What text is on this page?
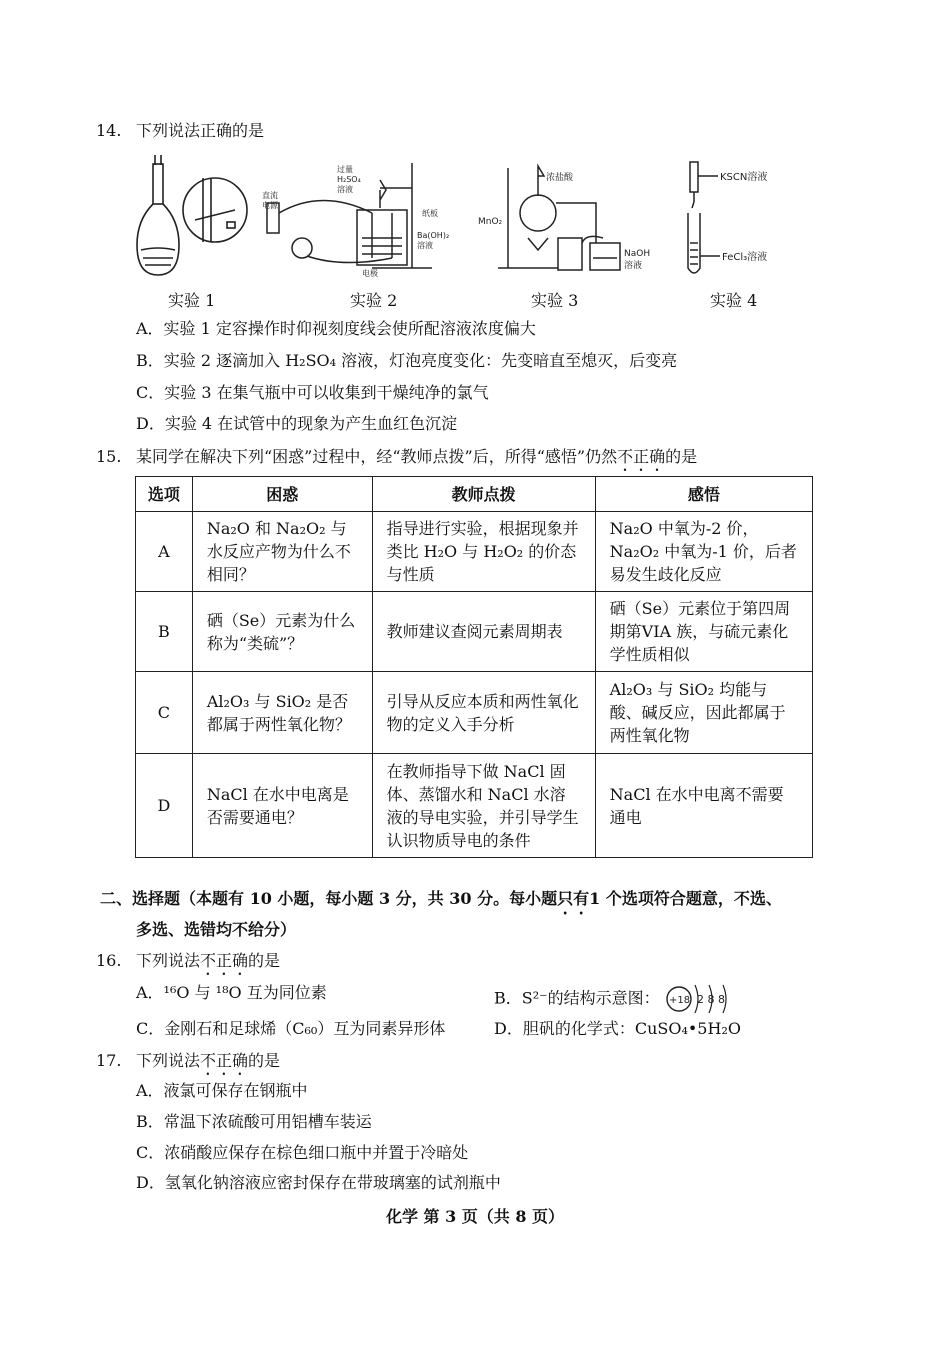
14. 下列说法正确的是
过量
H₂SO₄
溶液
直流
电源
纸板
Ba(OH)₂
溶液
电极
浓盐酸
MnO₂
NaOH
溶液
KSCN溶液
FeCl₃溶液
实验 1	实验 2	实验 3	实验 4
A．实验 1 定容操作时仰视刻度线会使所配溶液浓度偏大
B．实验 2 逐滴加入 H₂SO₄ 溶液，灯泡亮度变化：先变暗直至熄灭，后变亮
C．实验 3 在集气瓶中可以收集到干燥纯净的氯气
D．实验 4 在试管中的现象为产生血红色沉淀
15. 某同学在解决下列“困惑”过程中，经“教师点拨”后，所得“感悟”仍然不正确的是
选项	困惑	教师点拨	感悟
A	Na₂O 和 Na₂O₂ 与水反应产物为什么不相同？	指导进行实验，根据现象并类比 H₂O 与 H₂O₂ 的价态与性质	Na₂O 中氧为-2 价，Na₂O₂ 中氧为-1 价，后者易发生歧化反应
B	硒（Se）元素为什么称为“类硫”？	教师建议查阅元素周期表	硒（Se）元素位于第四周期第VIA 族，与硫元素化学性质相似
C	Al₂O₃ 与 SiO₂ 是否都属于两性氧化物？	引导从反应本质和两性氧化物的定义入手分析	Al₂O₃ 与 SiO₂ 均能与酸、碱反应，因此都属于两性氧化物
D	NaCl 在水中电离是否需要通电？	在教师指导下做 NaCl 固体、蒸馏水和 NaCl 水溶液的导电实验，并引导学生认识物质导电的条件	NaCl 在水中电离不需要通电
二、选择题（本题有 10 小题，每小题 3 分，共 30 分。每小题只有1 个选项符合题意，不选、
多选、选错均不给分）
16. 下列说法不正确的是
A．¹⁶O 与 ¹⁸O 互为同位素	B．S²⁻的结构示意图： +18 2 8 8
C．金刚石和足球烯（C₆₀）互为同素异形体	D．胆矾的化学式：CuSO₄•5H₂O
17. 下列说法不正确的是
A．液氯可保存在钢瓶中
B．常温下浓硫酸可用铝槽车装运
C．浓硝酸应保存在棕色细口瓶中并置于冷暗处
D．氢氧化钠溶液应密封保存在带玻璃塞的试剂瓶中
化学 第 3 页（共 8 页）
